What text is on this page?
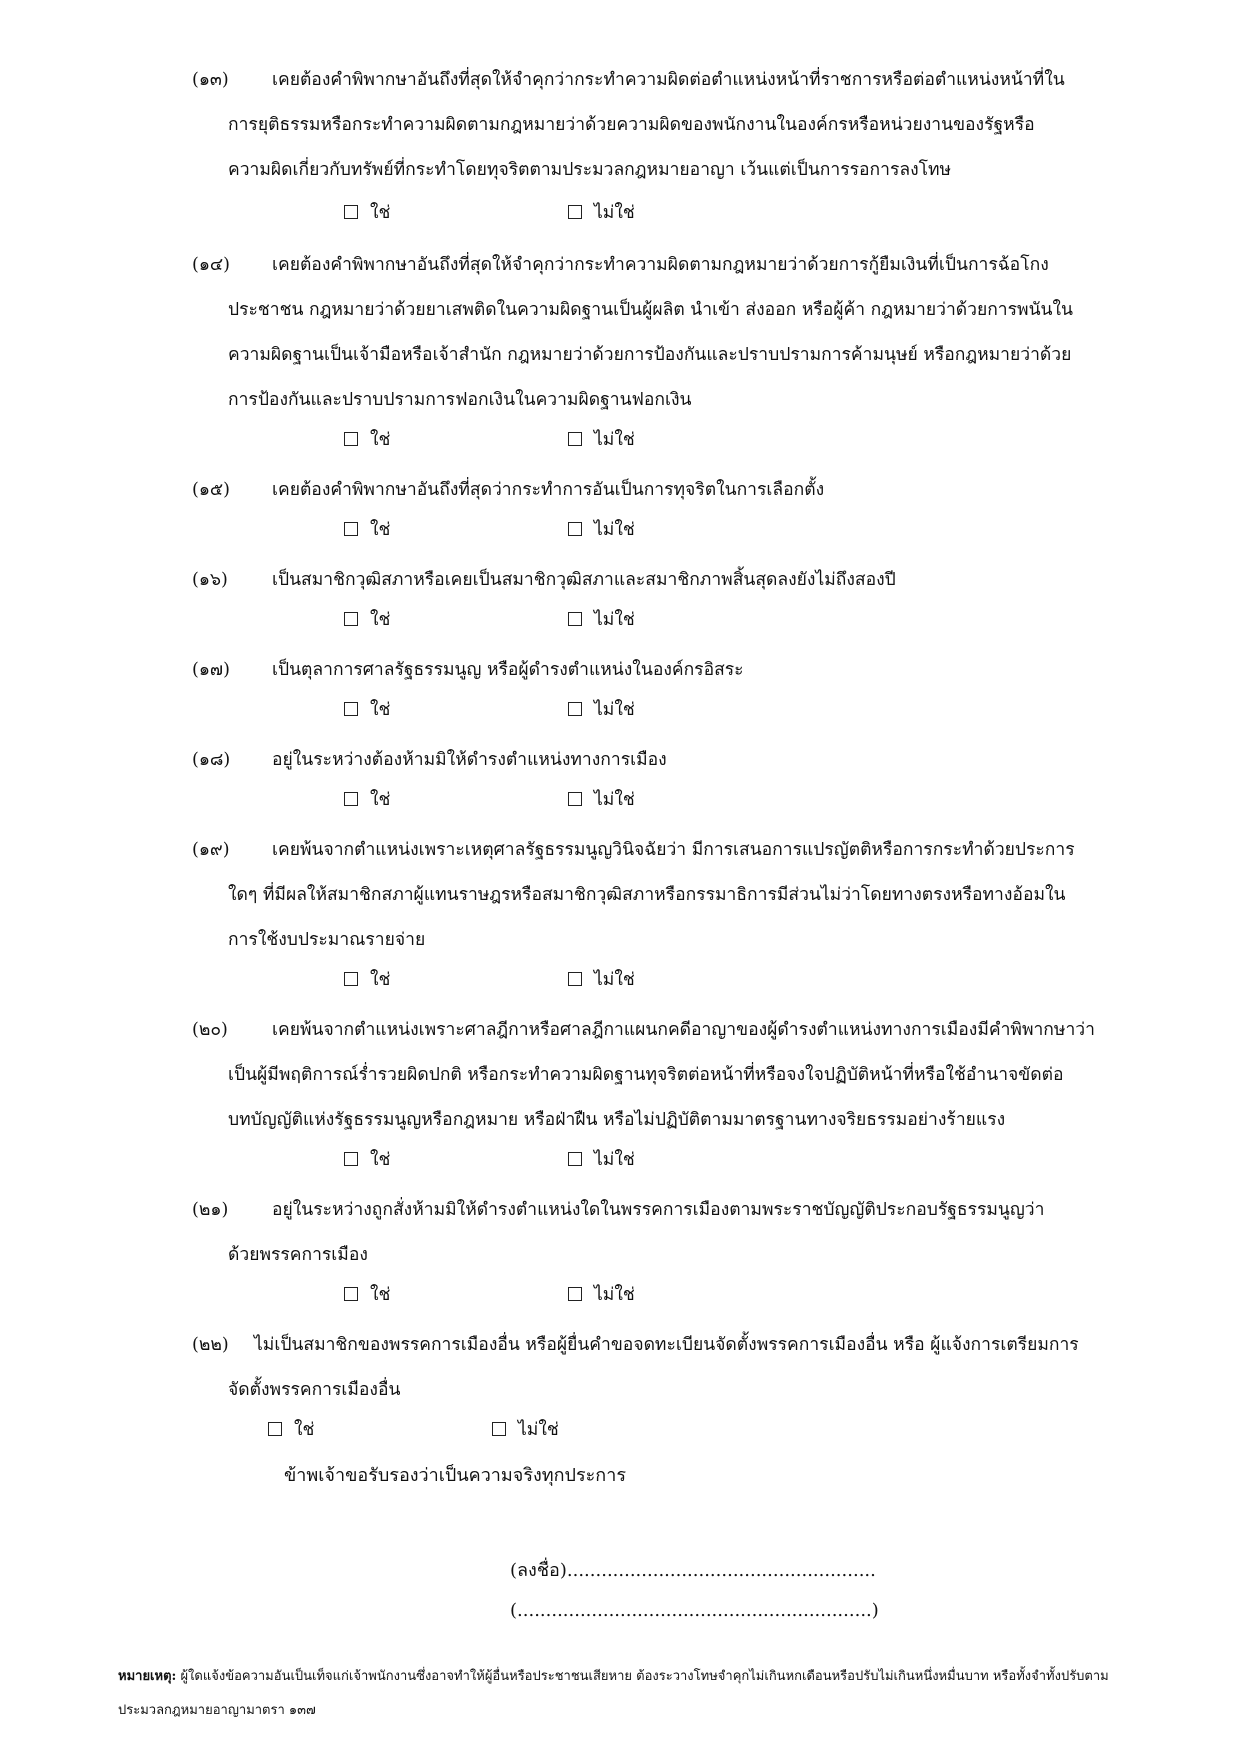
(๑๓) เคยต้องคำพิพากษาอันถึงที่สุดให้จำคุกว่ากระทำความผิดต่อตำแหน่งหน้าที่ราชการหรือต่อตำแหน่งหน้าที่ใน
การยุติธรรมหรือกระทำความผิดตามกฎหมายว่าด้วยความผิดของพนักงานในองค์กรหรือหน่วยงานของรัฐหรือ
ความผิดเกี่ยวกับทรัพย์ที่กระทำโดยทุจริตตามประมวลกฎหมายอาญา เว้นแต่เป็นการรอการลงโทษ
ใช่	ไม่ใช่
(๑๔) เคยต้องคำพิพากษาอันถึงที่สุดให้จำคุกว่ากระทำความผิดตามกฎหมายว่าด้วยการกู้ยืมเงินที่เป็นการฉ้อโกง
ประชาชน กฎหมายว่าด้วยยาเสพติดในความผิดฐานเป็นผู้ผลิต นำเข้า ส่งออก หรือผู้ค้า กฎหมายว่าด้วยการพนันใน
ความผิดฐานเป็นเจ้ามือหรือเจ้าสำนัก กฎหมายว่าด้วยการป้องกันและปราบปรามการค้ามนุษย์ หรือกฎหมายว่าด้วย
การป้องกันและปราบปรามการฟอกเงินในความผิดฐานฟอกเงิน
ใช่	ไม่ใช่
(๑๕) เคยต้องคำพิพากษาอันถึงที่สุดว่ากระทำการอันเป็นการทุจริตในการเลือกตั้ง
ใช่	ไม่ใช่
(๑๖)	เป็นสมาชิกวุฒิสภาหรือเคยเป็นสมาชิกวุฒิสภาและสมาชิกภาพสิ้นสุดลงยังไม่ถึงสองปี
ใช่	ไม่ใช่
(๑๗) เป็นตุลาการศาลรัฐธรรมนูญ หรือผู้ดำรงตำแหน่งในองค์กรอิสระ
ใช่	ไม่ใช่
(๑๘) อยู่ในระหว่างต้องห้ามมิให้ดำรงตำแหน่งทางการเมือง
ใช่	ไม่ใช่
(๑๙) เคยพ้นจากตำแหน่งเพราะเหตุศาลรัฐธรรมนูญวินิจฉัยว่า มีการเสนอการแปรญัตติหรือการกระทำด้วยประการ
ใดๆ ที่มีผลให้สมาชิกสภาผู้แทนราษฎรหรือสมาชิกวุฒิสภาหรือกรรมาธิการมีส่วนไม่ว่าโดยทางตรงหรือทางอ้อมใน
การใช้งบประมาณรายจ่าย
ใช่	ไม่ใช่
(๒๐)	เคยพ้นจากตำแหน่งเพราะศาลฎีกาหรือศาลฎีกาแผนกคดีอาญาของผู้ดำรงตำแหน่งทางการเมืองมีคำพิพากษาว่า
เป็นผู้มีพฤติการณ์ร่ำรวยผิดปกติ หรือกระทำความผิดฐานทุจริตต่อหน้าที่หรือจงใจปฏิบัติหน้าที่หรือใช้อำนาจขัดต่อ
บทบัญญัติแห่งรัฐธรรมนูญหรือกฎหมาย หรือฝ่าฝืน หรือไม่ปฏิบัติตามมาตรฐานทางจริยธรรมอย่างร้ายแรง
ใช่	ไม่ใช่
(๒๑) อยู่ในระหว่างถูกสั่งห้ามมิให้ดำรงตำแหน่งใดในพรรคการเมืองตามพระราชบัญญัติประกอบรัฐธรรมนูญว่า
ด้วยพรรคการเมือง
ใช่	ไม่ใช่
(๒๒) ไม่เป็นสมาชิกของพรรคการเมืองอื่น หรือผู้ยื่นคำขอจดทะเบียนจัดตั้งพรรคการเมืองอื่น หรือ ผู้แจ้งการเตรียมการ
จัดตั้งพรรคการเมืองอื่น
ใช่	ไม่ใช่
ข้าพเจ้าขอรับรองว่าเป็นความจริงทุกประการ
(ลงชื่อ)......................................................
(..............................................................)
หมายเหตุ: ผู้ใดแจ้งข้อความอันเป็นเท็จแก่เจ้าพนักงานซึ่งอาจทำให้ผู้อื่นหรือประชาชนเสียหาย ต้องระวางโทษจำคุกไม่เกินหกเดือนหรือปรับไม่เกินหนึ่งหมื่นบาท หรือทั้งจำทั้งปรับตามประมวลกฎหมายอาญามาตรา ๑๓๗
